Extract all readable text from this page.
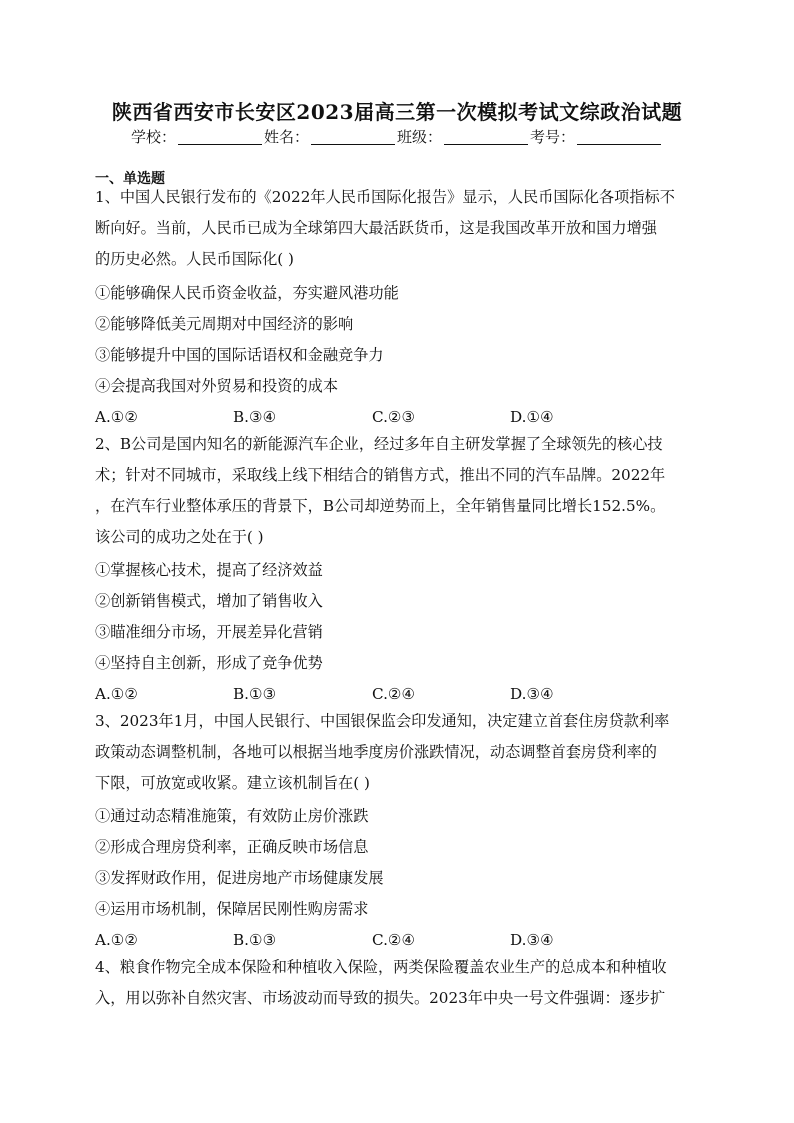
陕西省西安市长安区2023届高三第一次模拟考试文综政治试题
学校：	姓名：	班级：	考号：
一、单选题
1、中国人民银行发布的《2022年人民币国际化报告》显示，人民币国际化各项指标不
断向好。当前，人民币已成为全球第四大最活跃货币，这是我国改革开放和国力增强
的历史必然。人民币国际化( )
①能够确保人民币资金收益，夯实避风港功能
②能够降低美元周期对中国经济的影响
③能够提升中国的国际话语权和金融竞争力
④会提高我国对外贸易和投资的成本
A.①②	B.③④	C.②③	D.①④
2、B公司是国内知名的新能源汽车企业，经过多年自主研发掌握了全球领先的核心技
术；针对不同城市，采取线上线下相结合的销售方式，推出不同的汽车品牌。2022年
，在汽车行业整体承压的背景下，B公司却逆势而上，全年销售量同比增长152.5%。
该公司的成功之处在于( )
①掌握核心技术，提高了经济效益
②创新销售模式，增加了销售收入
③瞄准细分市场，开展差异化营销
④坚持自主创新，形成了竞争优势
A.①②	B.①③	C.②④	D.③④
3、2023年1月，中国人民银行、中国银保监会印发通知，决定建立首套住房贷款利率
政策动态调整机制，各地可以根据当地季度房价涨跌情况，动态调整首套房贷利率的
下限，可放宽或收紧。建立该机制旨在( )
①通过动态精准施策，有效防止房价涨跌
②形成合理房贷利率，正确反映市场信息
③发挥财政作用，促进房地产市场健康发展
④运用市场机制，保障居民刚性购房需求
A.①②	B.①③	C.②④	D.③④
4、粮食作物完全成本保险和种植收入保险，两类保险覆盖农业生产的总成本和种植收
入，用以弥补自然灾害、市场波动而导致的损失。2023年中央一号文件强调：逐步扩
